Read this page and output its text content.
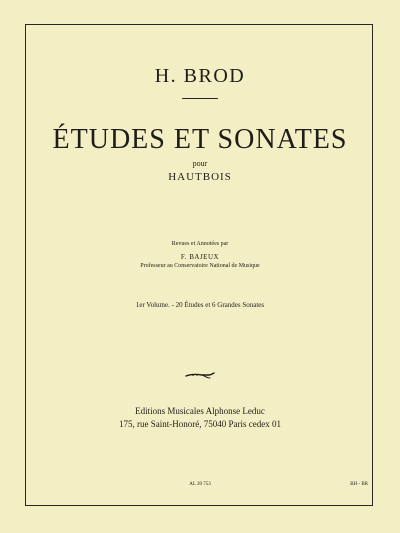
H. BROD
ÉTUDES ET SONATES
pour
HAUTBOIS
Revues et Annotées par
F. BAJEUX
Professeur au Conservatoire National de Musique
1er Volume. - 20 Études et 6 Grandes Sonates
Editions Musicales Alphonse Leduc
175, rue Saint-Honoré, 75040 Paris cedex 01
AL 20 753	BH - BR
